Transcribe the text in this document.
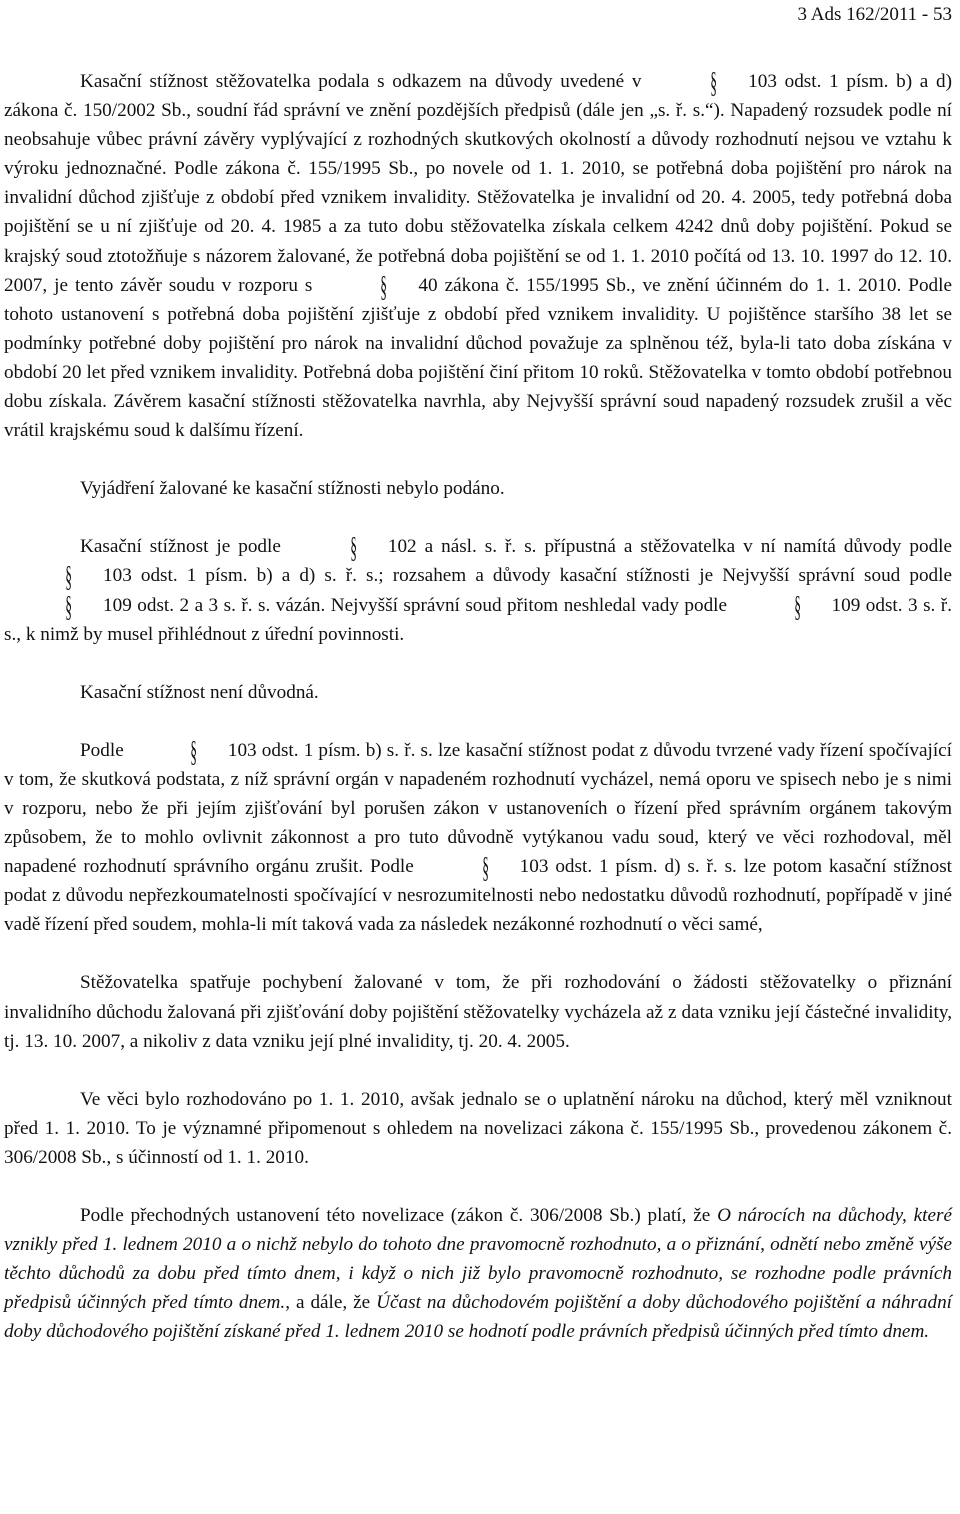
3 Ads 162/2011 - 53

Kasační stížnost stěžovatelka podala s odkazem na důvody uvedené v § 103 odst. 1 písm. b) a d) zákona č. 150/2002 Sb., soudní řád správní ve znění pozdějších předpisů (dále jen „s. ř. s.“). Napadený rozsudek podle ní neobsahuje vůbec právní závěry vyplývající z rozhodných skutkových okolností a důvody rozhodnutí nejsou ve vztahu k výroku jednoznačné. Podle zákona č. 155/1995 Sb., po novele od 1. 1. 2010, se potřebná doba pojištění pro nárok na invalidní důchod zjišťuje z období před vznikem invalidity. Stěžovatelka je invalidní od 20. 4. 2005, tedy potřebná doba pojištění se u ní zjišťuje od 20. 4. 1985 a za tuto dobu stěžovatelka získala celkem 4242 dnů doby pojištění. Pokud se krajský soud ztotožňuje s názorem žalované, že potřebná doba pojištění se od 1. 1. 2010 počítá od 13. 10. 1997 do 12. 10. 2007, je tento závěr soudu v rozporu s § 40 zákona č. 155/1995 Sb., ve znění účinném do 1. 1. 2010. Podle tohoto ustanovení s potřebná doba pojištění zjišťuje z období před vznikem invalidity. U pojištěnce staršího 38 let se podmínky potřebné doby pojištění pro nárok na invalidní důchod považuje za splněnou též, byla-li tato doba získána v období 20 let před vznikem invalidity. Potřebná doba pojištění činí přitom 10 roků. Stěžovatelka v tomto období potřebnou dobu získala. Závěrem kasační stížnosti stěžovatelka navrhla, aby Nejvyšší správní soud napadený rozsudek zrušil a věc vrátil krajskému soud k dalšímu řízení.

Vyjádření žalované ke kasační stížnosti nebylo podáno.

Kasační stížnost je podle § 102 a násl. s. ř. s. přípustná a stěžovatelka v ní namítá důvody podle § 103 odst. 1 písm. b) a d) s. ř. s.; rozsahem a důvody kasační stížnosti je Nejvyšší správní soud podle § 109 odst. 2 a 3 s. ř. s. vázán. Nejvyšší správní soud přitom neshledal vady podle § 109 odst. 3 s. ř. s., k nimž by musel přihlédnout z úřední povinnosti.

Kasační stížnost není důvodná.

Podle § 103 odst. 1 písm. b) s. ř. s. lze kasační stížnost podat z důvodu tvrzené vady řízení spočívající v tom, že skutková podstata, z níž správní orgán v napadeném rozhodnutí vycházel, nemá oporu ve spisech nebo je s nimi v rozporu, nebo že při jejím zjišťování byl porušen zákon v ustanoveních o řízení před správním orgánem takovým způsobem, že to mohlo ovlivnit zákonnost a pro tuto důvodně vytýkanou vadu soud, který ve věci rozhodoval, měl napadené rozhodnutí správního orgánu zrušit. Podle § 103 odst. 1 písm. d) s. ř. s. lze potom kasační stížnost podat z důvodu nepřezkoumatelnosti spočívající v nesrozumitelnosti nebo nedostatku důvodů rozhodnutí, popřípadě v jiné vadě řízení před soudem, mohla-li mít taková vada za následek nezákonné rozhodnutí o věci samé,

Stěžovatelka spatřuje pochybení žalované v tom, že při rozhodování o žádosti stěžovatelky o přiznání invalidního důchodu žalovaná při zjišťování doby pojištění stěžovatelky vycházela až z data vzniku její částečné invalidity, tj. 13. 10. 2007, a nikoliv z data vzniku její plné invalidity, tj. 20. 4. 2005.

Ve věci bylo rozhodováno po 1. 1. 2010, avšak jednalo se o uplatnění nároku na důchod, který měl vzniknout před 1. 1. 2010. To je významné připomenout s ohledem na novelizaci zákona č. 155/1995 Sb., provedenou zákonem č. 306/2008 Sb., s účinností od 1. 1. 2010.

Podle přechodných ustanovení této novelizace (zákon č. 306/2008 Sb.) platí, že O nárocích na důchody, které vznikly před 1. lednem 2010 a o nichž nebylo do tohoto dne pravomocně rozhodnuto, a o přiznání, odnětí nebo změně výše těchto důchodů za dobu před tímto dnem, i když o nich již bylo pravomocně rozhodnuto, se rozhodne podle právních předpisů účinných před tímto dnem., a dále, že Účast na důchodovém pojištění a doby důchodového pojištění a náhradní doby důchodového pojištění získané před 1. lednem 2010 se hodnotí podle právních předpisů účinných před tímto dnem.
